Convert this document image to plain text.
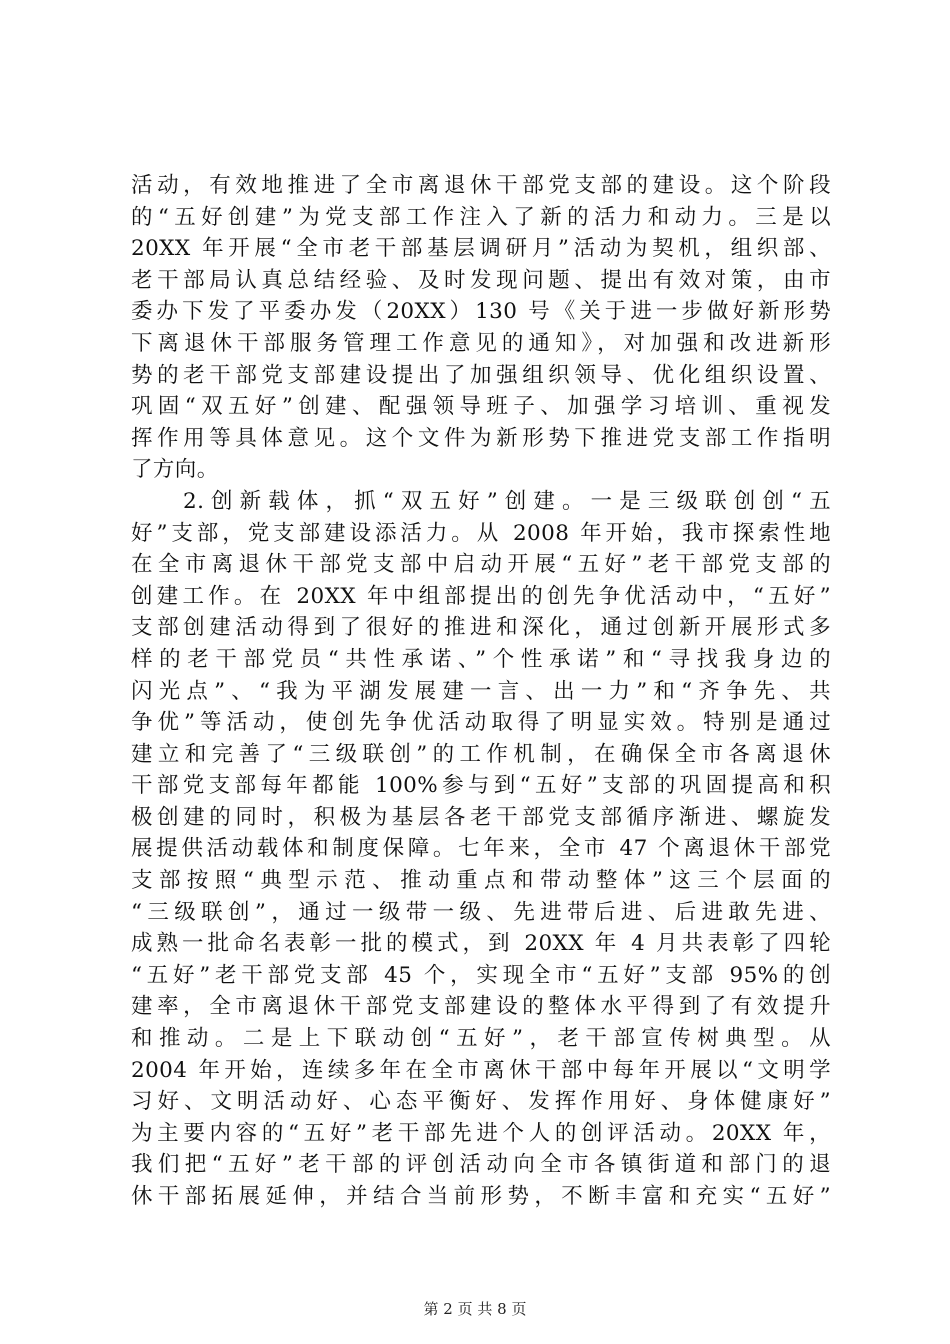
活动，有效地推进了全市离退休干部党支部的建设。这个阶段
的“五好创建”为党支部工作注入了新的活力和动力。三是以
20XX 年开展“全市老干部基层调研月”活动为契机，组织部、
老干部局认真总结经验、及时发现问题、提出有效对策，由市
委办下发了平委办发（20XX）130 号《关于进一步做好新形势
下离退休干部服务管理工作意见的通知》，对加强和改进新形
势的老干部党支部建设提出了加强组织领导、优化组织设置、
巩固“双五好”创建、配强领导班子、加强学习培训、重视发
挥作用等具体意见。这个文件为新形势下推进党支部工作指明
了方向。
2.创新载体，抓“双五好”创建。一是三级联创创“五
好”支部，党支部建设添活力。从 2008 年开始，我市探索性地
在全市离退休干部党支部中启动开展“五好”老干部党支部的
创建工作。在 20XX 年中组部提出的创先争优活动中，“五好”
支部创建活动得到了很好的推进和深化，通过创新开展形式多
样的老干部党员“共性承诺、”个性承诺”和“寻找我身边的
闪光点”、“我为平湖发展建一言、出一力”和“齐争先、共
争优”等活动，使创先争优活动取得了明显实效。特别是通过
建立和完善了“三级联创”的工作机制，在确保全市各离退休
干部党支部每年都能 100%参与到“五好”支部的巩固提高和积
极创建的同时，积极为基层各老干部党支部循序渐进、螺旋发
展提供活动载体和制度保障。七年来，全市 47 个离退休干部党
支部按照“典型示范、推动重点和带动整体”这三个层面的
“三级联创”，通过一级带一级、先进带后进、后进敢先进、
成熟一批命名表彰一批的模式，到 20XX 年 4 月共表彰了四轮
“五好”老干部党支部 45 个，实现全市“五好”支部 95%的创
建率，全市离退休干部党支部建设的整体水平得到了有效提升
和推动。二是上下联动创“五好”，老干部宣传树典型。从
2004 年开始，连续多年在全市离休干部中每年开展以“文明学
习好、文明活动好、心态平衡好、发挥作用好、身体健康好”
为主要内容的“五好”老干部先进个人的创评活动。20XX 年，
我们把“五好”老干部的评创活动向全市各镇街道和部门的退
休干部拓展延伸，并结合当前形势，不断丰富和充实“五好”
第 2 页 共 8 页
